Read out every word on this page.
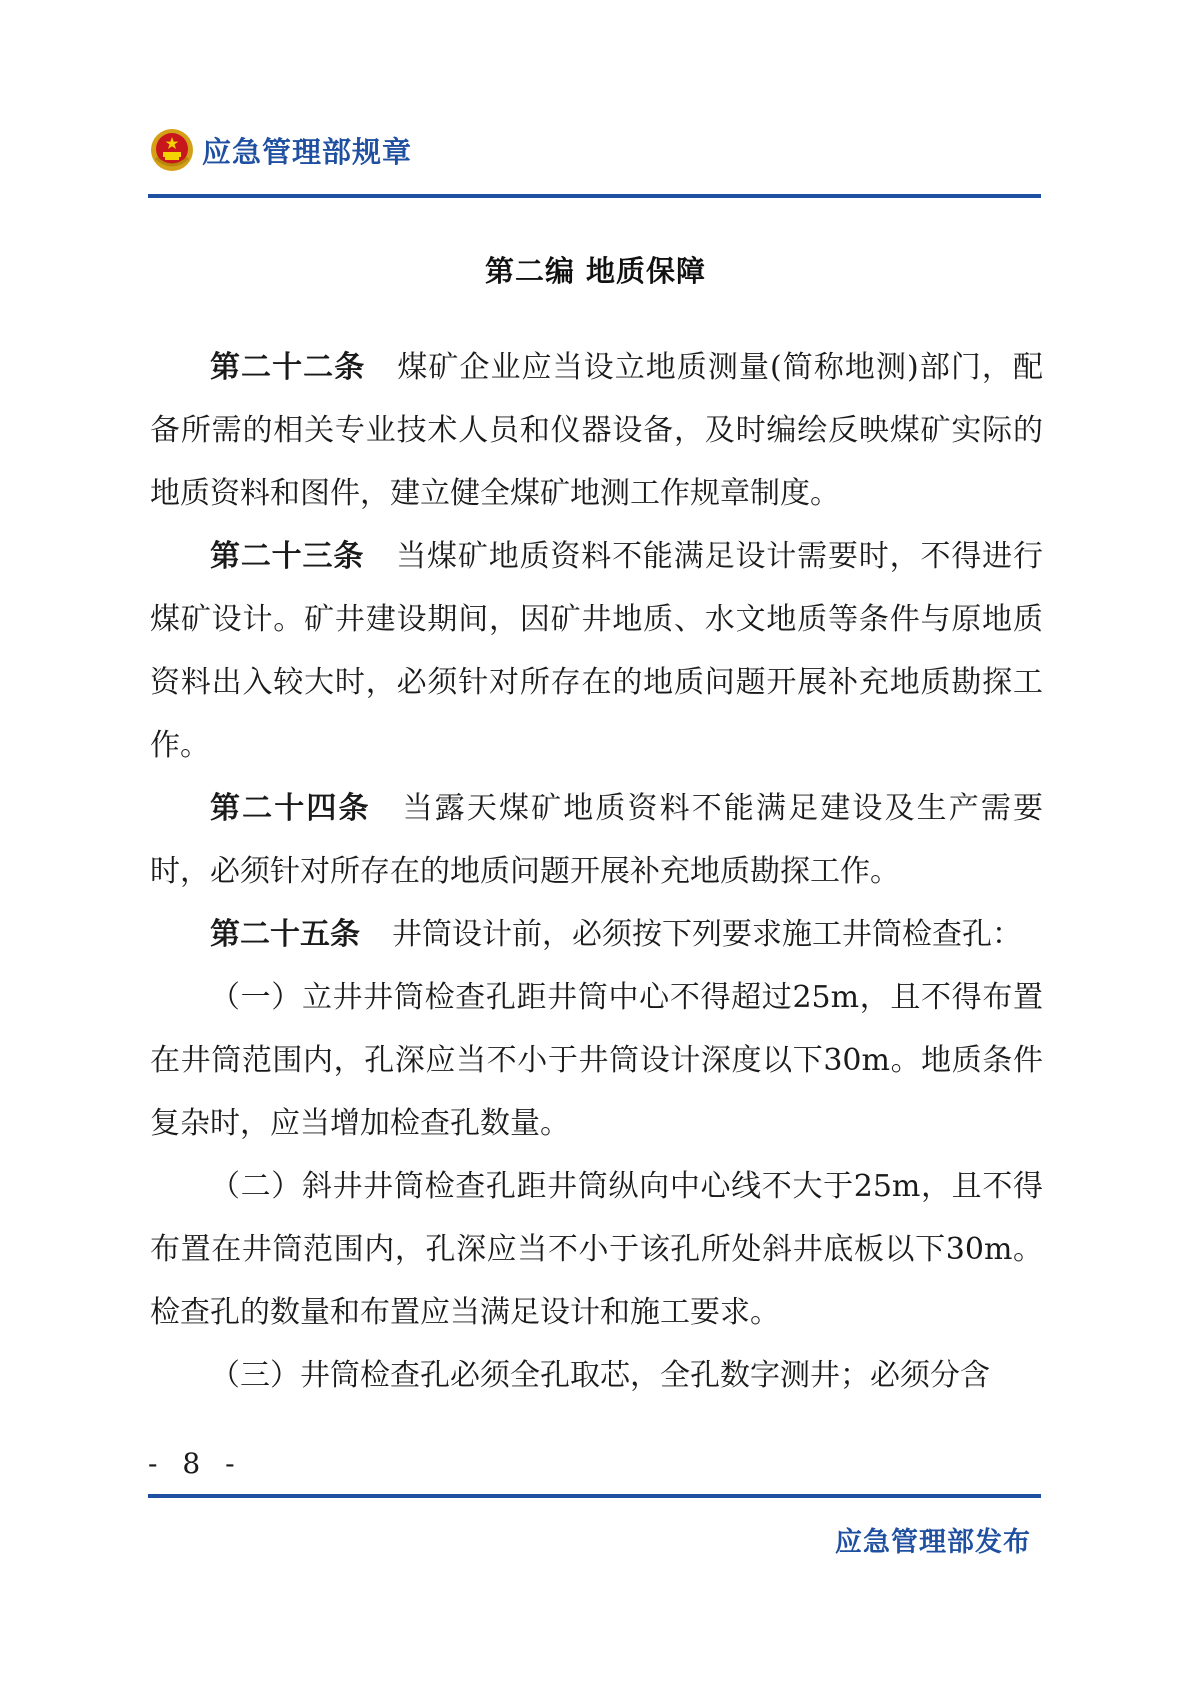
应急管理部规章
第二编 地质保障

第二十二条 煤矿企业应当设立地质测量(简称地测)部门，配备所需的相关专业技术人员和仪器设备，及时编绘反映煤矿实际的地质资料和图件，建立健全煤矿地测工作规章制度。

第二十三条 当煤矿地质资料不能满足设计需要时，不得进行煤矿设计。矿井建设期间，因矿井地质、水文地质等条件与原地质资料出入较大时，必须针对所存在的地质问题开展补充地质勘探工作。

第二十四条 当露天煤矿地质资料不能满足建设及生产需要时，必须针对所存在的地质问题开展补充地质勘探工作。

第二十五条 井筒设计前，必须按下列要求施工井筒检查孔：

（一）立井井筒检查孔距井筒中心不得超过25m，且不得布置在井筒范围内，孔深应当不小于井筒设计深度以下30m。地质条件复杂时，应当增加检查孔数量。

（二）斜井井筒检查孔距井筒纵向中心线不大于25m，且不得布置在井筒范围内，孔深应当不小于该孔所处斜井底板以下30m。检查孔的数量和布置应当满足设计和施工要求。

（三）井筒检查孔必须全孔取芯，全孔数字测井；必须分含

- 8 -
应急管理部发布
